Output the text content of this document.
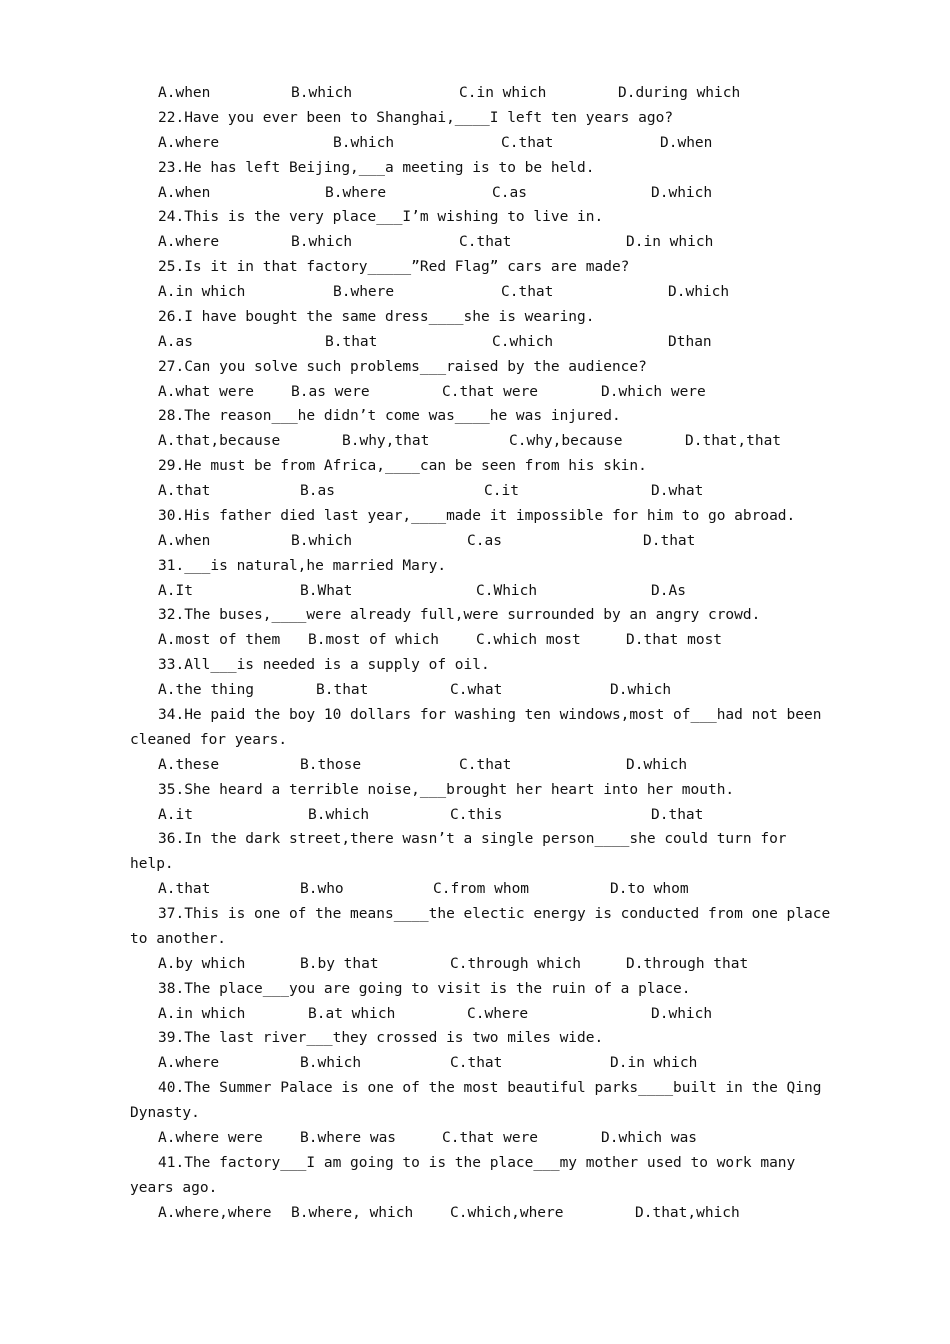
A.when	B.which	C.in which	D.during which
22.Have you ever been to Shanghai,____I left ten years ago?
A.where	B.which	C.that	D.when
23.He has left Beijing,___a meeting is to be held.
A.when	B.where	C.as	D.which
24.This is the very place___I’m wishing to live in.
A.where	B.which	C.that	D.in which
25.Is it in that factory_____”Red Flag” cars are made?
A.in which	B.where	C.that	D.which
26.I have bought the same dress____she is wearing.
A.as	B.that	C.which	Dthan
27.Can you solve such problems___raised by the audience?
A.what were	B.as were	C.that were	D.which were
28.The reason___he didn’t come was____he was injured.
A.that,because	B.why,that	C.why,because	D.that,that
29.He must be from Africa,____can be seen from his skin.
A.that	B.as	C.it	D.what
30.His father died last year,____made it impossible for him to go abroad.
A.when	B.which	C.as	D.that
31.___is natural,he married Mary.
A.It	B.What	C.Which	D.As
32.The buses,____were already full,were surrounded by an angry crowd.
A.most of them B.most of which	C.which most	D.that most
33.All___is needed is a supply of oil.
A.the thing	B.that	C.what	D.which
34.He paid the boy 10 dollars for washing ten windows,most of___had not been
cleaned for years.
A.these	B.those	C.that	D.which
35.She heard a terrible noise,___brought her heart into her mouth.
A.it	B.which	C.this	D.that
36.In the dark street,there wasn’t a single person____she could turn for
help.
A.that	B.who	C.from whom	D.to whom
37.This is one of the means____the electic energy is conducted from one place
to another.
A.by which	B.by that	C.through which	D.through that
38.The place___you are going to visit is the ruin of a place.
A.in which	B.at which	C.where	D.which
39.The last river___they crossed is two miles wide.
A.where	B.which	C.that	D.in which
40.The Summer Palace is one of the most beautiful parks____built in the Qing
Dynasty.
A.where were	B.where was	C.that were	D.which was
41.The factory___I am going to is the place___my mother used to work many
years ago.
A.where,where B.where, which	C.which,where	D.that,which
